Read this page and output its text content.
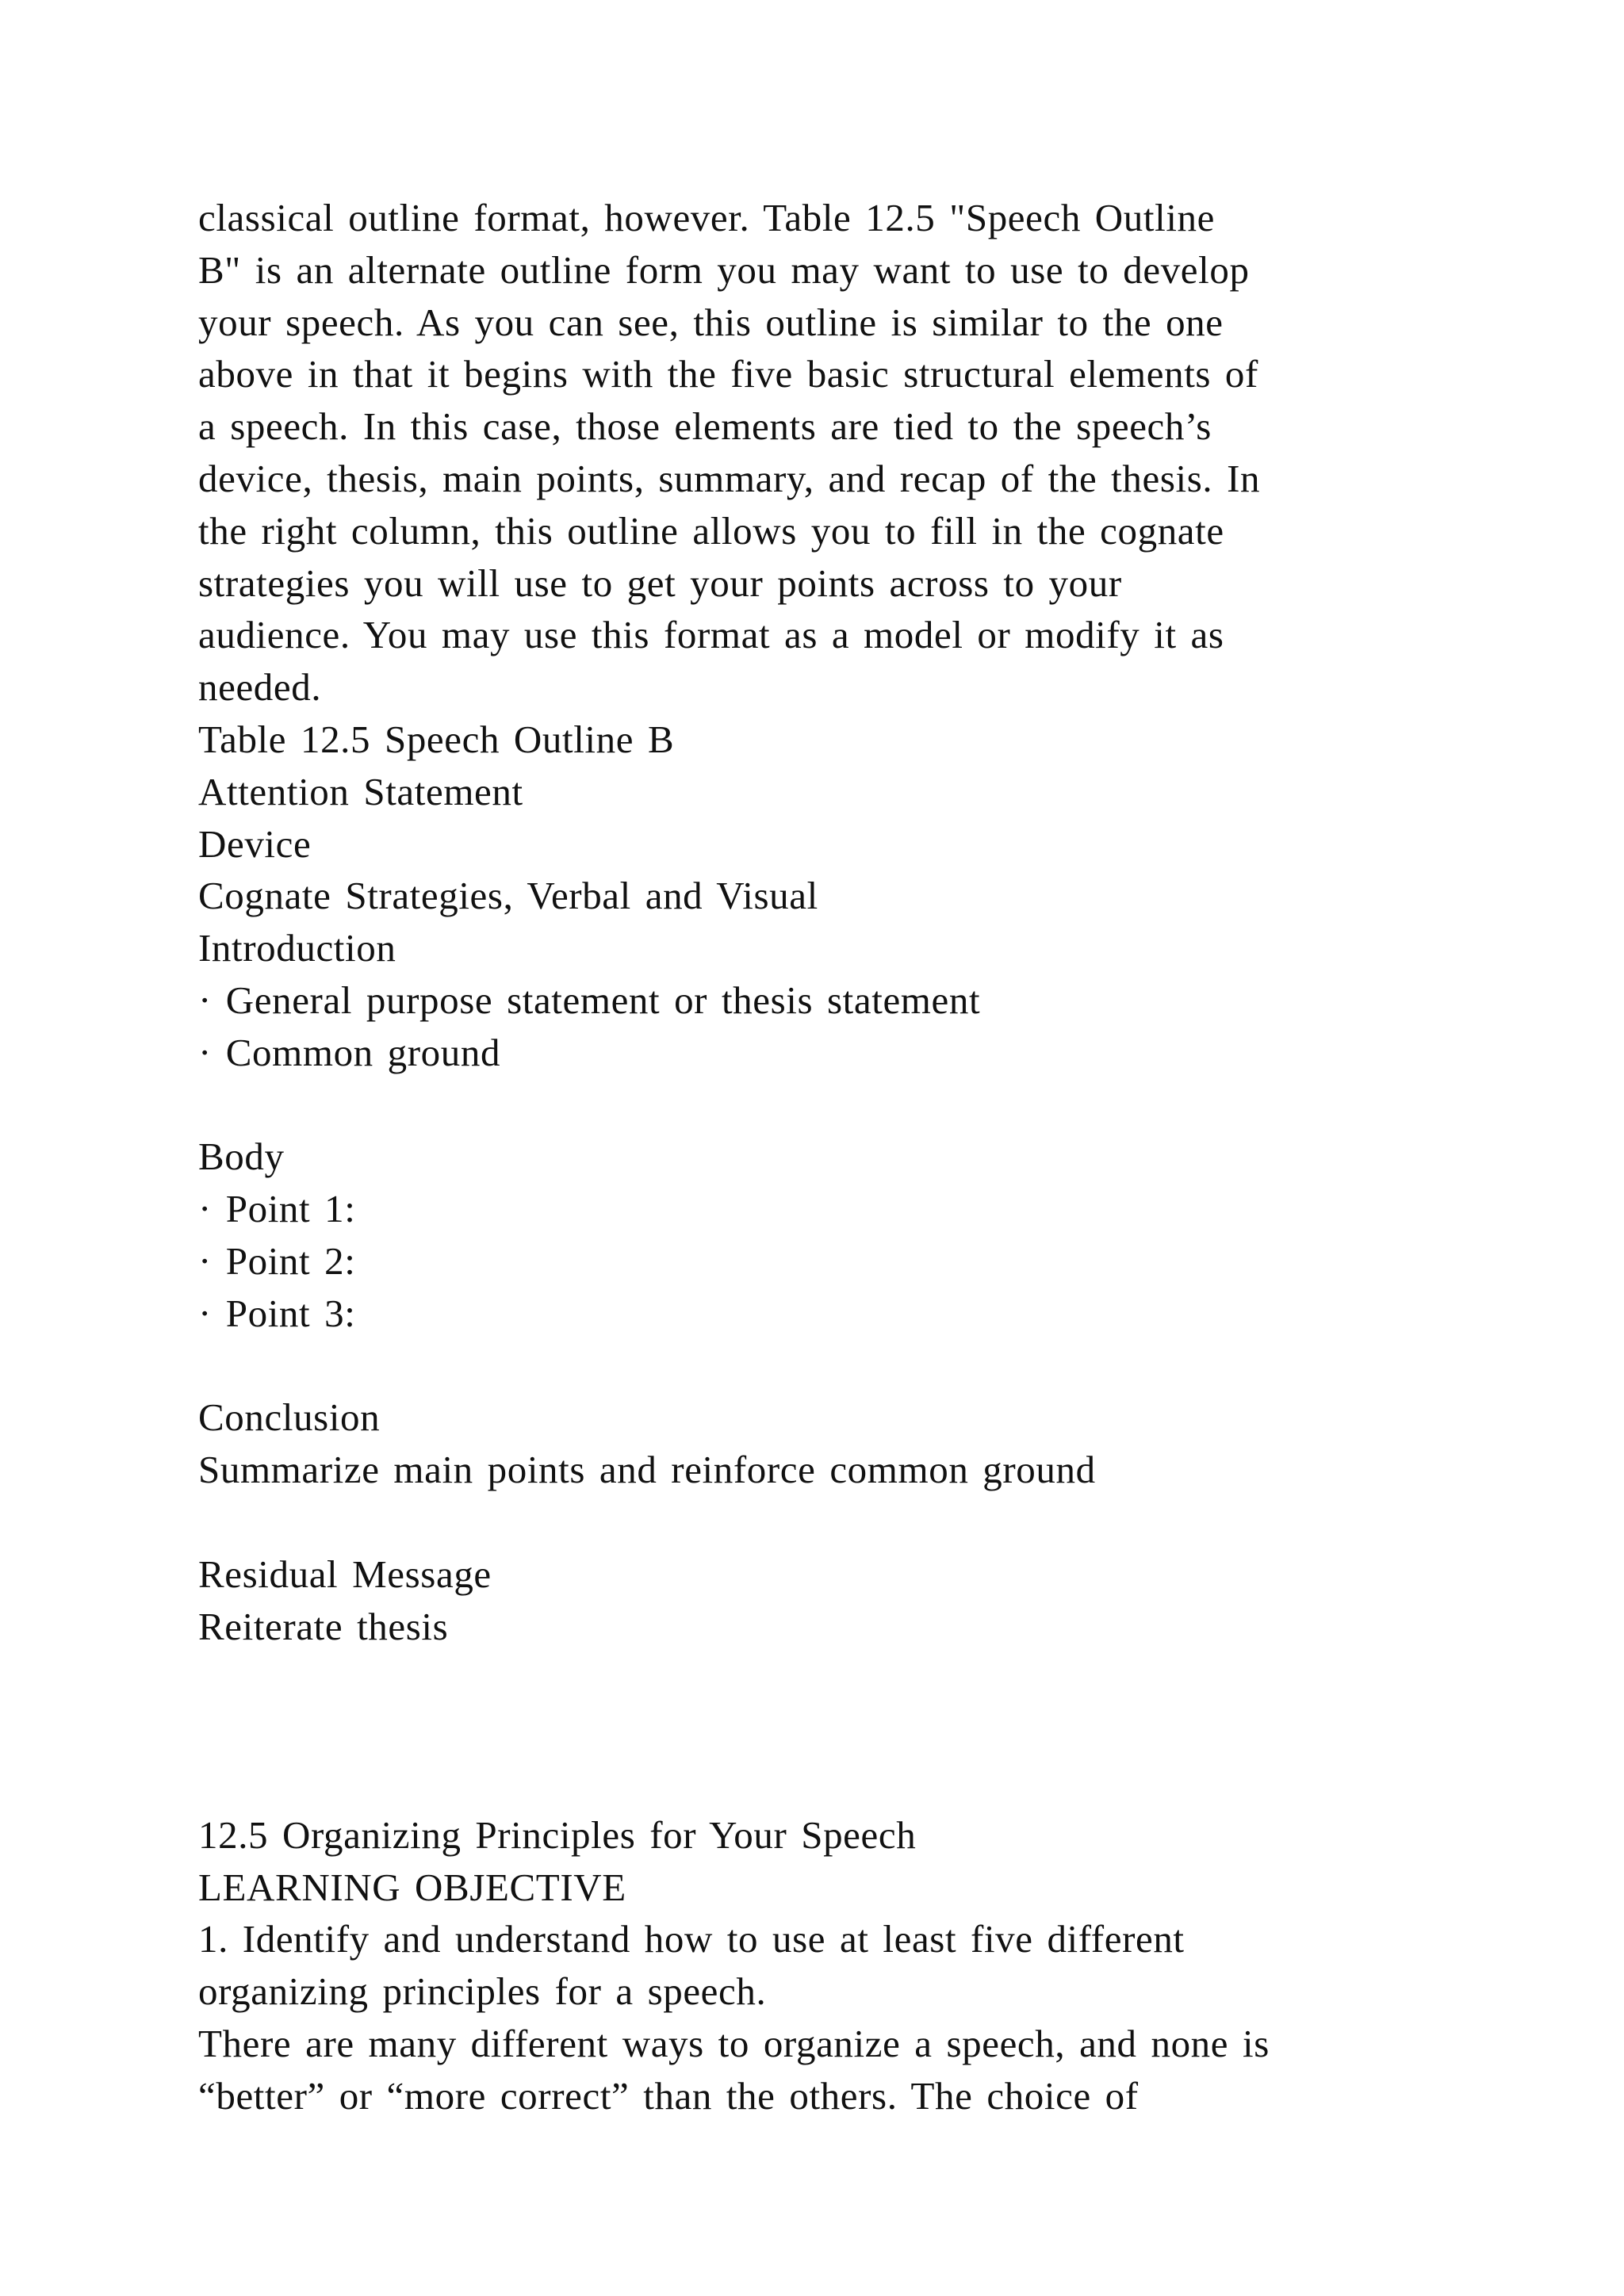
classical outline format, however. Table 12.5 "Speech Outline
B" is an alternate outline form you may want to use to develop
your speech. As you can see, this outline is similar to the one
above in that it begins with the five basic structural elements of
a speech. In this case, those elements are tied to the speech’s
device, thesis, main points, summary, and recap of the thesis. In
the right column, this outline allows you to fill in the cognate
strategies you will use to get your points across to your
audience. You may use this format as a model or modify it as
needed.
Table 12.5 Speech Outline B
Attention Statement
Device
Cognate Strategies, Verbal and Visual
Introduction
· General purpose statement or thesis statement
· Common ground
Body
· Point 1:
· Point 2:
· Point 3:
Conclusion
Summarize main points and reinforce common ground
Residual Message
Reiterate thesis
12.5 Organizing Principles for Your Speech
LEARNING OBJECTIVE
1. Identify and understand how to use at least five different
organizing principles for a speech.
There are many different ways to organize a speech, and none is
“better” or “more correct” than the others. The choice of
